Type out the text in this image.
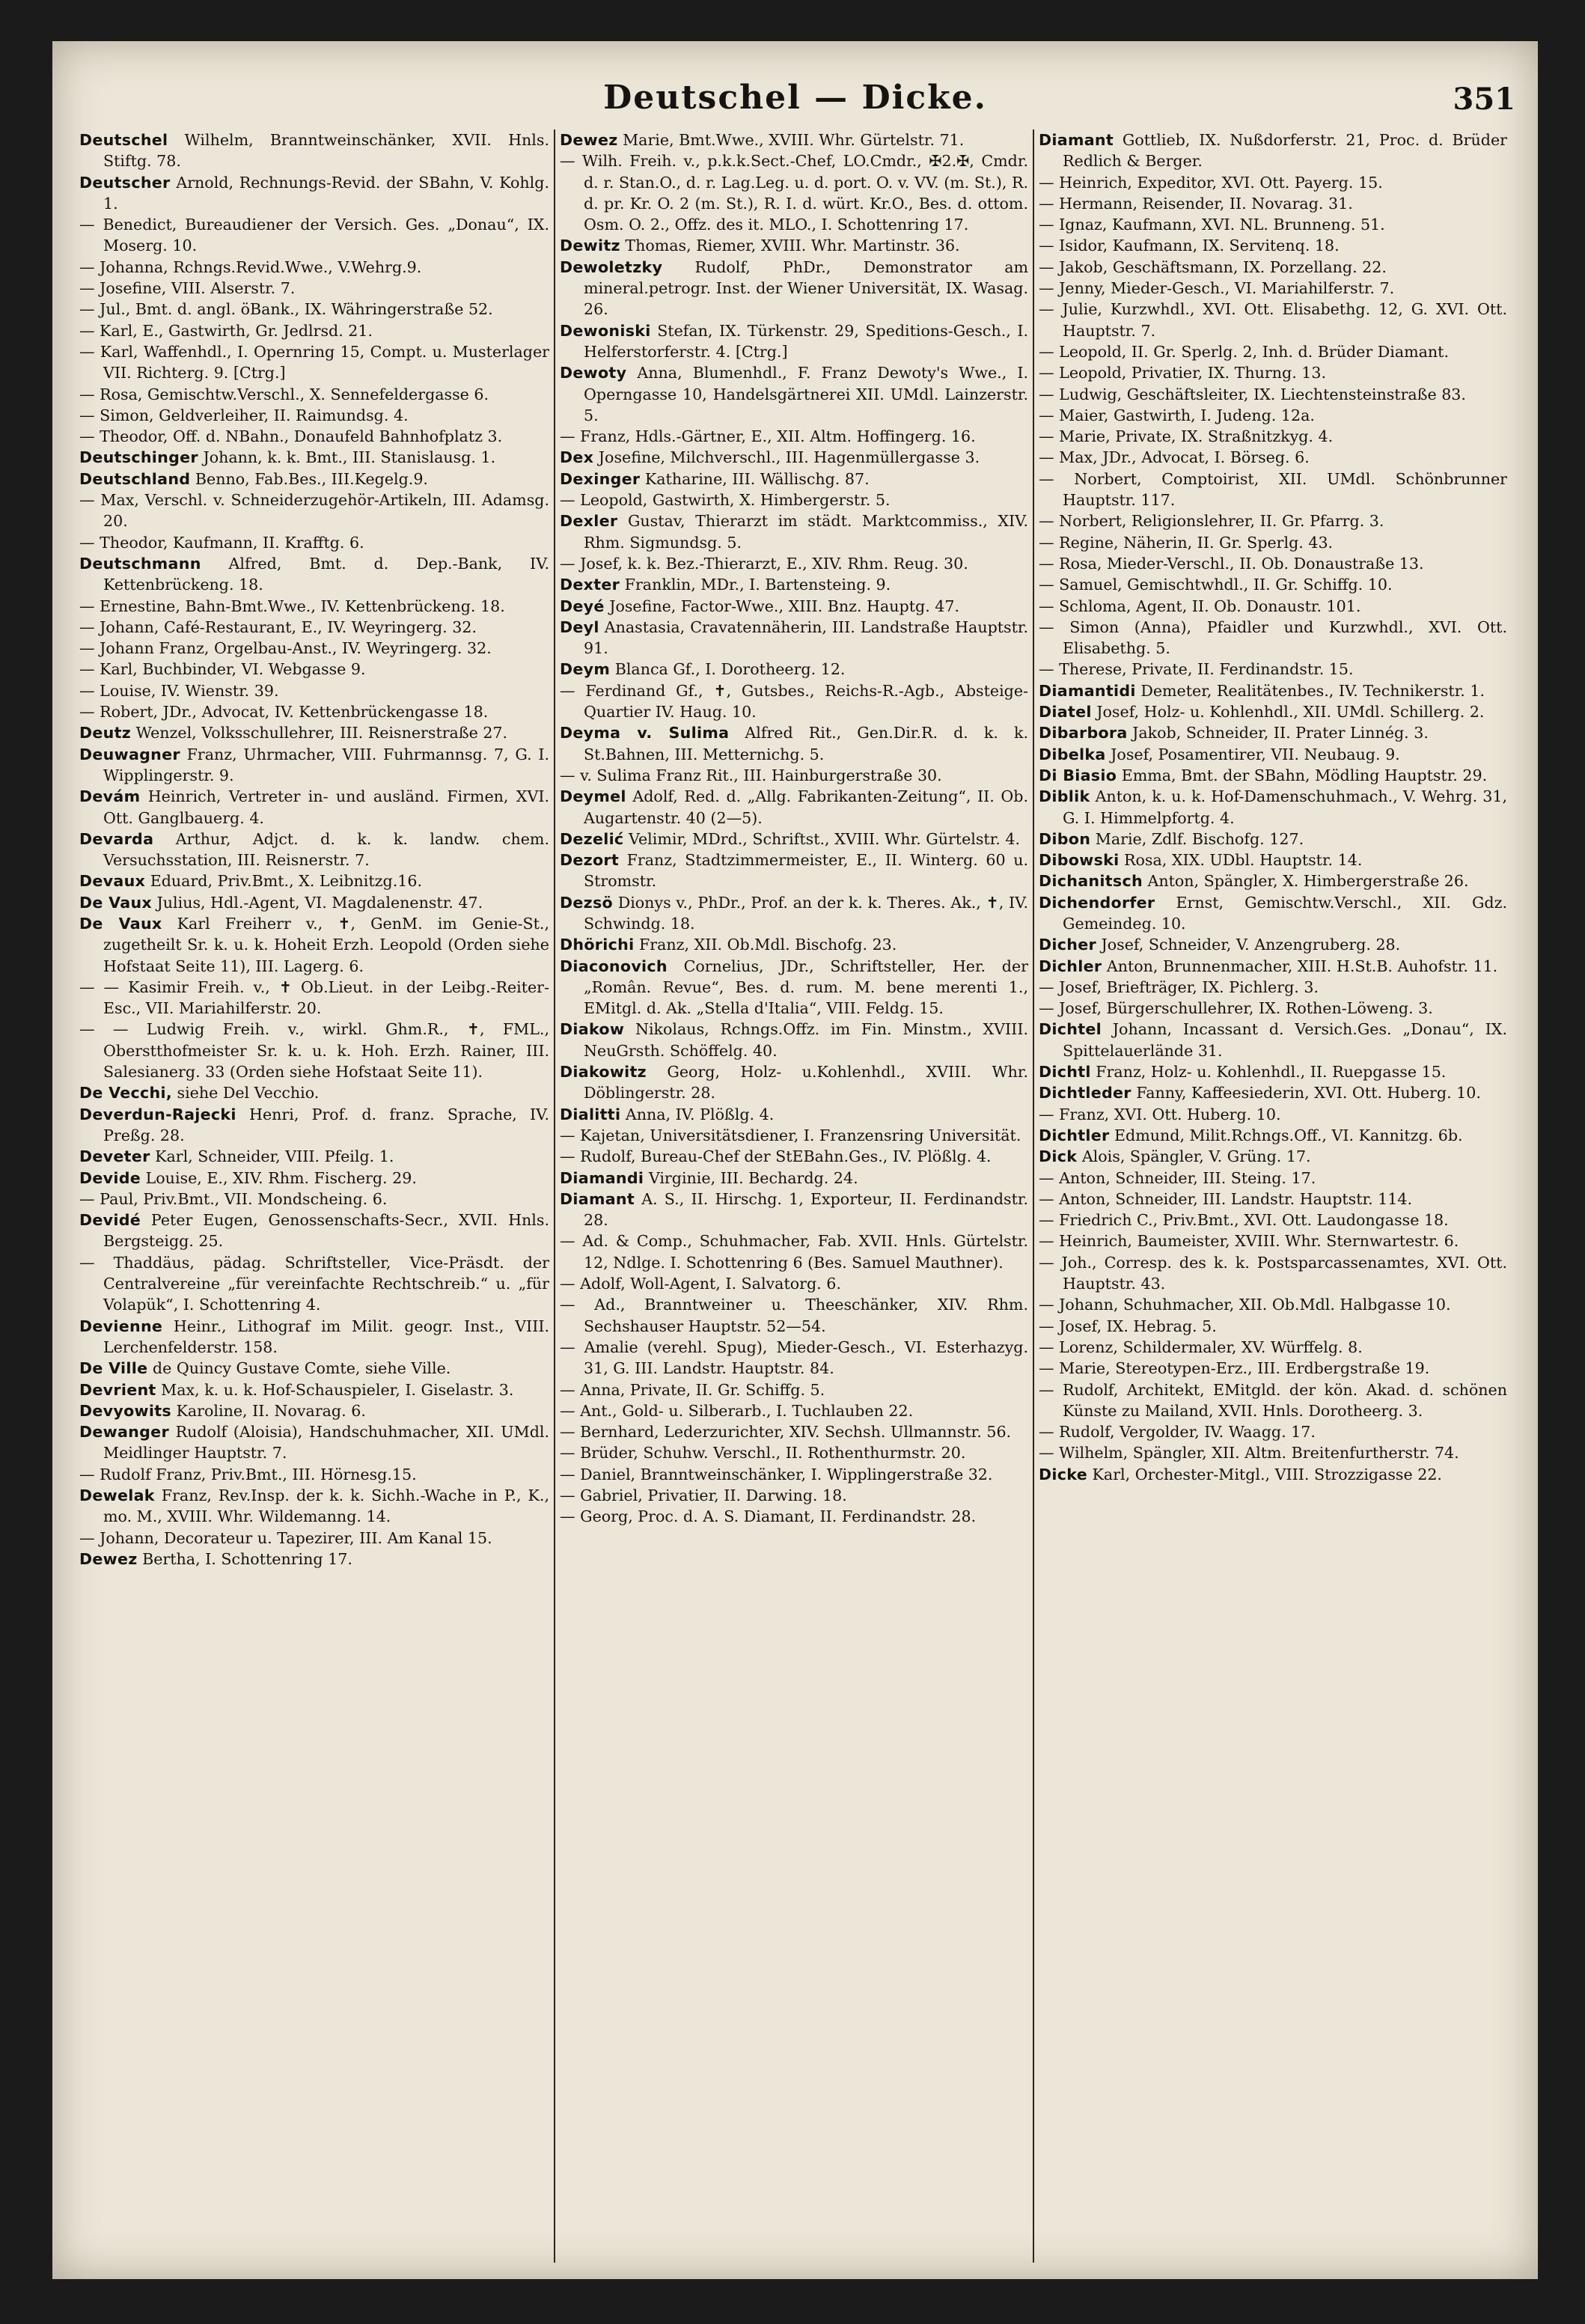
Deutschel — Dicke.	351

Deutschel Wilhelm, Branntweinschänker, XVII. Hnls. Stiftg. 78.

Deutscher Arnold, Rechnungs-Revid. der SBahn, V. Kohlg. 1.

— Benedict, Bureaudiener der Versich. Ges. „Donau“, IX. Moserg. 10.

— Johanna, Rchngs.Revid.Wwe., V.Wehrg.9.

— Josefine, VIII. Alserstr. 7.

— Jul., Bmt. d. angl. öBank., IX. Währingerstraße 52.

— Karl, E., Gastwirth, Gr. Jedlrsd. 21.

— Karl, Waffenhdl., I. Opernring 15, Compt. u. Musterlager VII. Richterg. 9. [Ctrg.]

— Rosa, Gemischtw.Verschl., X. Sennefeldergasse 6.

— Simon, Geldverleiher, II. Raimundsg. 4.

— Theodor, Off. d. NBahn., Donaufeld Bahnhofplatz 3.

Deutschinger Johann, k. k. Bmt., III. Stanislausg. 1.

Deutschland Benno, Fab.Bes., III.Kegelg.9.

— Max, Verschl. v. Schneiderzugehör-Artikeln, III. Adamsg. 20.

— Theodor, Kaufmann, II. Krafftg. 6.

Deutschmann Alfred, Bmt. d. Dep.-Bank, IV. Kettenbrückeng. 18.

— Ernestine, Bahn-Bmt.Wwe., IV. Kettenbrückeng. 18.

— Johann, Café-Restaurant, E., IV. Weyringerg. 32.

— Johann Franz, Orgelbau-Anst., IV. Weyringerg. 32.

— Karl, Buchbinder, VI. Webgasse 9.

— Louise, IV. Wienstr. 39.

— Robert, JDr., Advocat, IV. Kettenbrückengasse 18.

Deutz Wenzel, Volksschullehrer, III. Reisnerstraße 27.

Deuwagner Franz, Uhrmacher, VIII. Fuhrmannsg. 7, G. I. Wipplingerstr. 9.

Devám Heinrich, Vertreter in- und ausländ. Firmen, XVI. Ott. Ganglbauerg. 4.

Devarda Arthur, Adjct. d. k. k. landw. chem. Versuchsstation, III. Reisnerstr. 7.

Devaux Eduard, Priv.Bmt., X. Leibnitzg.16.

De Vaux Julius, Hdl.-Agent, VI. Magdalenenstr. 47.

De Vaux Karl Freiherr v., ✝, GenM. im Genie-St., zugetheilt Sr. k. u. k. Hoheit Erzh. Leopold (Orden siehe Hofstaat Seite 11), III. Lagerg. 6.

— — Kasimir Freih. v., ✝ Ob.Lieut. in der Leibg.-Reiter-Esc., VII. Mariahilferstr. 20.

— — Ludwig Freih. v., wirkl. Ghm.R., ✝, FML., Oberstthofmeister Sr. k. u. k. Hoh. Erzh. Rainer, III. Salesianerg. 33 (Orden siehe Hofstaat Seite 11).

De Vecchi, siehe Del Vecchio.

Deverdun-Rajecki Henri, Prof. d. franz. Sprache, IV. Preßg. 28.

Deveter Karl, Schneider, VIII. Pfeilg. 1.

Devide Louise, E., XIV. Rhm. Fischerg. 29.

— Paul, Priv.Bmt., VII. Mondscheing. 6.

Devidé Peter Eugen, Genossenschafts-Secr., XVII. Hnls. Bergsteigg. 25.

— Thaddäus, pädag. Schriftsteller, Vice-Präsdt. der Centralvereine „für vereinfachte Rechtschreib.“ u. „für Volapük“, I. Schottenring 4.

Devienne Heinr., Lithograf im Milit. geogr. Inst., VIII. Lerchenfelderstr. 158.

De Ville de Quincy Gustave Comte, siehe Ville.

Devrient Max, k. u. k. Hof-Schauspieler, I. Giselastr. 3.

Devyowits Karoline, II. Novarag. 6.

Dewanger Rudolf (Aloisia), Handschuhmacher, XII. UMdl. Meidlinger Hauptstr. 7.

— Rudolf Franz, Priv.Bmt., III. Hörnesg.15.

Dewelak Franz, Rev.Insp. der k. k. Sichh.-Wache in P., K., mo. M., XVIII. Whr. Wildemanng. 14.

— Johann, Decorateur u. Tapezirer, III. Am Kanal 15.

Dewez Bertha, I. Schottenring 17.

Dewez Marie, Bmt.Wwe., XVIII. Whr. Gürtelstr. 71.

— Wilh. Freih. v., p.k.k.Sect.-Chef, LO.Cmdr., ✠2.✠, Cmdr. d. r. Stan.O., d. r. Lag.Leg. u. d. port. O. v. VV. (m. St.), R. d. pr. Kr. O. 2 (m. St.), R. I. d. würt. Kr.O., Bes. d. ottom. Osm. O. 2., Offz. des it. MLO., I. Schottenring 17.

Dewitz Thomas, Riemer, XVIII. Whr. Martinstr. 36.

Dewoletzky Rudolf, PhDr., Demonstrator am mineral.petrogr. Inst. der Wiener Universität, IX. Wasag. 26.

Dewoniski Stefan, IX. Türkenstr. 29, Speditions-Gesch., I. Helferstorferstr. 4. [Ctrg.]

Dewoty Anna, Blumenhdl., F. Franz Dewoty's Wwe., I. Operngasse 10, Handelsgärtnerei XII. UMdl. Lainzerstr. 5.

— Franz, Hdls.-Gärtner, E., XII. Altm. Hoffingerg. 16.

Dex Josefine, Milchverschl., III. Hagenmüllergasse 3.

Dexinger Katharine, III. Wällischg. 87.

— Leopold, Gastwirth, X. Himbergerstr. 5.

Dexler Gustav, Thierarzt im städt. Marktcommiss., XIV. Rhm. Sigmundsg. 5.

— Josef, k. k. Bez.-Thierarzt, E., XIV. Rhm. Reug. 30.

Dexter Franklin, MDr., I. Bartensteing. 9.

Deyé Josefine, Factor-Wwe., XIII. Bnz. Hauptg. 47.

Deyl Anastasia, Cravatennäherin, III. Landstraße Hauptstr. 91.

Deym Blanca Gf., I. Dorotheerg. 12.

— Ferdinand Gf., ✝, Gutsbes., Reichs-R.-Agb., Absteige-Quartier IV. Haug. 10.

Deyma v. Sulima Alfred Rit., Gen.Dir.R. d. k. k. St.Bahnen, III. Metternichg. 5.

— v. Sulima Franz Rit., III. Hainburgerstraße 30.

Deymel Adolf, Red. d. „Allg. Fabrikanten-Zeitung“, II. Ob. Augartenstr. 40 (2—5).

Dezelić Velimir, MDrd., Schriftst., XVIII. Whr. Gürtelstr. 4.

Dezort Franz, Stadtzimmermeister, E., II. Winterg. 60 u. Stromstr.

Dezsö Dionys v., PhDr., Prof. an der k. k. Theres. Ak., ✝, IV. Schwindg. 18.

Dhörichi Franz, XII. Ob.Mdl. Bischofg. 23.

Diaconovich Cornelius, JDr., Schriftsteller, Her. der „Român. Revue“, Bes. d. rum. M. bene merenti 1., EMitgl. d. Ak. „Stella d'Italia“, VIII. Feldg. 15.

Diakow Nikolaus, Rchngs.Offz. im Fin. Minstm., XVIII. NeuGrsth. Schöffelg. 40.

Diakowitz Georg, Holz- u.Kohlenhdl., XVIII. Whr. Döblingerstr. 28.

Dialitti Anna, IV. Plößlg. 4.

— Kajetan, Universitätsdiener, I. Franzensring Universität.

— Rudolf, Bureau-Chef der StEBahn.Ges., IV. Plößlg. 4.

Diamandi Virginie, III. Bechardg. 24.

Diamant A. S., II. Hirschg. 1, Exporteur, II. Ferdinandstr. 28.

— Ad. & Comp., Schuhmacher, Fab. XVII. Hnls. Gürtelstr. 12, Ndlge. I. Schottenring 6 (Bes. Samuel Mauthner).

— Adolf, Woll-Agent, I. Salvatorg. 6.

— Ad., Branntweiner u. Theeschänker, XIV. Rhm. Sechshauser Hauptstr. 52—54.

— Amalie (verehl. Spug), Mieder-Gesch., VI. Esterhazyg. 31, G. III. Landstr. Hauptstr. 84.

— Anna, Private, II. Gr. Schiffg. 5.

— Ant., Gold- u. Silberarb., I. Tuchlauben 22.

— Bernhard, Lederzurichter, XIV. Sechsh. Ullmannstr. 56.

— Brüder, Schuhw. Verschl., II. Rothenthurmstr. 20.

— Daniel, Branntweinschänker, I. Wipplingerstraße 32.

— Gabriel, Privatier, II. Darwing. 18.

— Georg, Proc. d. A. S. Diamant, II. Ferdinandstr. 28.

Diamant Gottlieb, IX. Nußdorferstr. 21, Proc. d. Brüder Redlich & Berger.

— Heinrich, Expeditor, XVI. Ott. Payerg. 15.

— Hermann, Reisender, II. Novarag. 31.

— Ignaz, Kaufmann, XVI. NL. Brunneng. 51.

— Isidor, Kaufmann, IX. Servitenq. 18.

— Jakob, Geschäftsmann, IX. Porzellang. 22.

— Jenny, Mieder-Gesch., VI. Mariahilferstr. 7.

— Julie, Kurzwhdl., XVI. Ott. Elisabethg. 12, G. XVI. Ott. Hauptstr. 7.

— Leopold, II. Gr. Sperlg. 2, Inh. d. Brüder Diamant.

— Leopold, Privatier, IX. Thurng. 13.

— Ludwig, Geschäftsleiter, IX. Liechtensteinstraße 83.

— Maier, Gastwirth, I. Judeng. 12a.

— Marie, Private, IX. Straßnitzkyg. 4.

— Max, JDr., Advocat, I. Börseg. 6.

— Norbert, Comptoirist, XII. UMdl. Schönbrunner Hauptstr. 117.

— Norbert, Religionslehrer, II. Gr. Pfarrg. 3.

— Regine, Näherin, II. Gr. Sperlg. 43.

— Rosa, Mieder-Verschl., II. Ob. Donaustraße 13.

— Samuel, Gemischtwhdl., II. Gr. Schiffg. 10.

— Schloma, Agent, II. Ob. Donaustr. 101.

— Simon (Anna), Pfaidler und Kurzwhdl., XVI. Ott. Elisabethg. 5.

— Therese, Private, II. Ferdinandstr. 15.

Diamantidi Demeter, Realitätenbes., IV. Technikerstr. 1.

Diatel Josef, Holz- u. Kohlenhdl., XII. UMdl. Schillerg. 2.

Dibarbora Jakob, Schneider, II. Prater Linnég. 3.

Dibelka Josef, Posamentirer, VII. Neubaug. 9.

Di Biasio Emma, Bmt. der SBahn, Mödling Hauptstr. 29.

Diblik Anton, k. u. k. Hof-Damenschuhmach., V. Wehrg. 31, G. I. Himmelpfortg. 4.

Dibon Marie, Zdlf. Bischofg. 127.

Dibowski Rosa, XIX. UDbl. Hauptstr. 14.

Dichanitsch Anton, Spängler, X. Himbergerstraße 26.

Dichendorfer Ernst, Gemischtw.Verschl., XII. Gdz. Gemeindeg. 10.

Dicher Josef, Schneider, V. Anzengruberg. 28.

Dichler Anton, Brunnenmacher, XIII. H.St.B. Auhofstr. 11.

— Josef, Briefträger, IX. Pichlerg. 3.

— Josef, Bürgerschullehrer, IX. Rothen-Löweng. 3.

Dichtel Johann, Incassant d. Versich.Ges. „Donau“, IX. Spittelauerlände 31.

Dichtl Franz, Holz- u. Kohlenhdl., II. Ruepgasse 15.

Dichtleder Fanny, Kaffeesiederin, XVI. Ott. Huberg. 10.

— Franz, XVI. Ott. Huberg. 10.

Dichtler Edmund, Milit.Rchngs.Off., VI. Kannitzg. 6b.

Dick Alois, Spängler, V. Grüng. 17.

— Anton, Schneider, III. Steing. 17.

— Anton, Schneider, III. Landstr. Hauptstr. 114.

— Friedrich C., Priv.Bmt., XVI. Ott. Laudongasse 18.

— Heinrich, Baumeister, XVIII. Whr. Sternwartestr. 6.

— Joh., Corresp. des k. k. Postsparcassenamtes, XVI. Ott. Hauptstr. 43.

— Johann, Schuhmacher, XII. Ob.Mdl. Halbgasse 10.

— Josef, IX. Hebrag. 5.

— Lorenz, Schildermaler, XV. Würffelg. 8.

— Marie, Stereotypen-Erz., III. Erdbergstraße 19.

— Rudolf, Architekt, EMitgld. der kön. Akad. d. schönen Künste zu Mailand, XVII. Hnls. Dorotheerg. 3.

— Rudolf, Vergolder, IV. Waagg. 17.

— Wilhelm, Spängler, XII. Altm. Breitenfurtherstr. 74.

Dicke Karl, Orchester-Mitgl., VIII. Strozzigasse 22.
